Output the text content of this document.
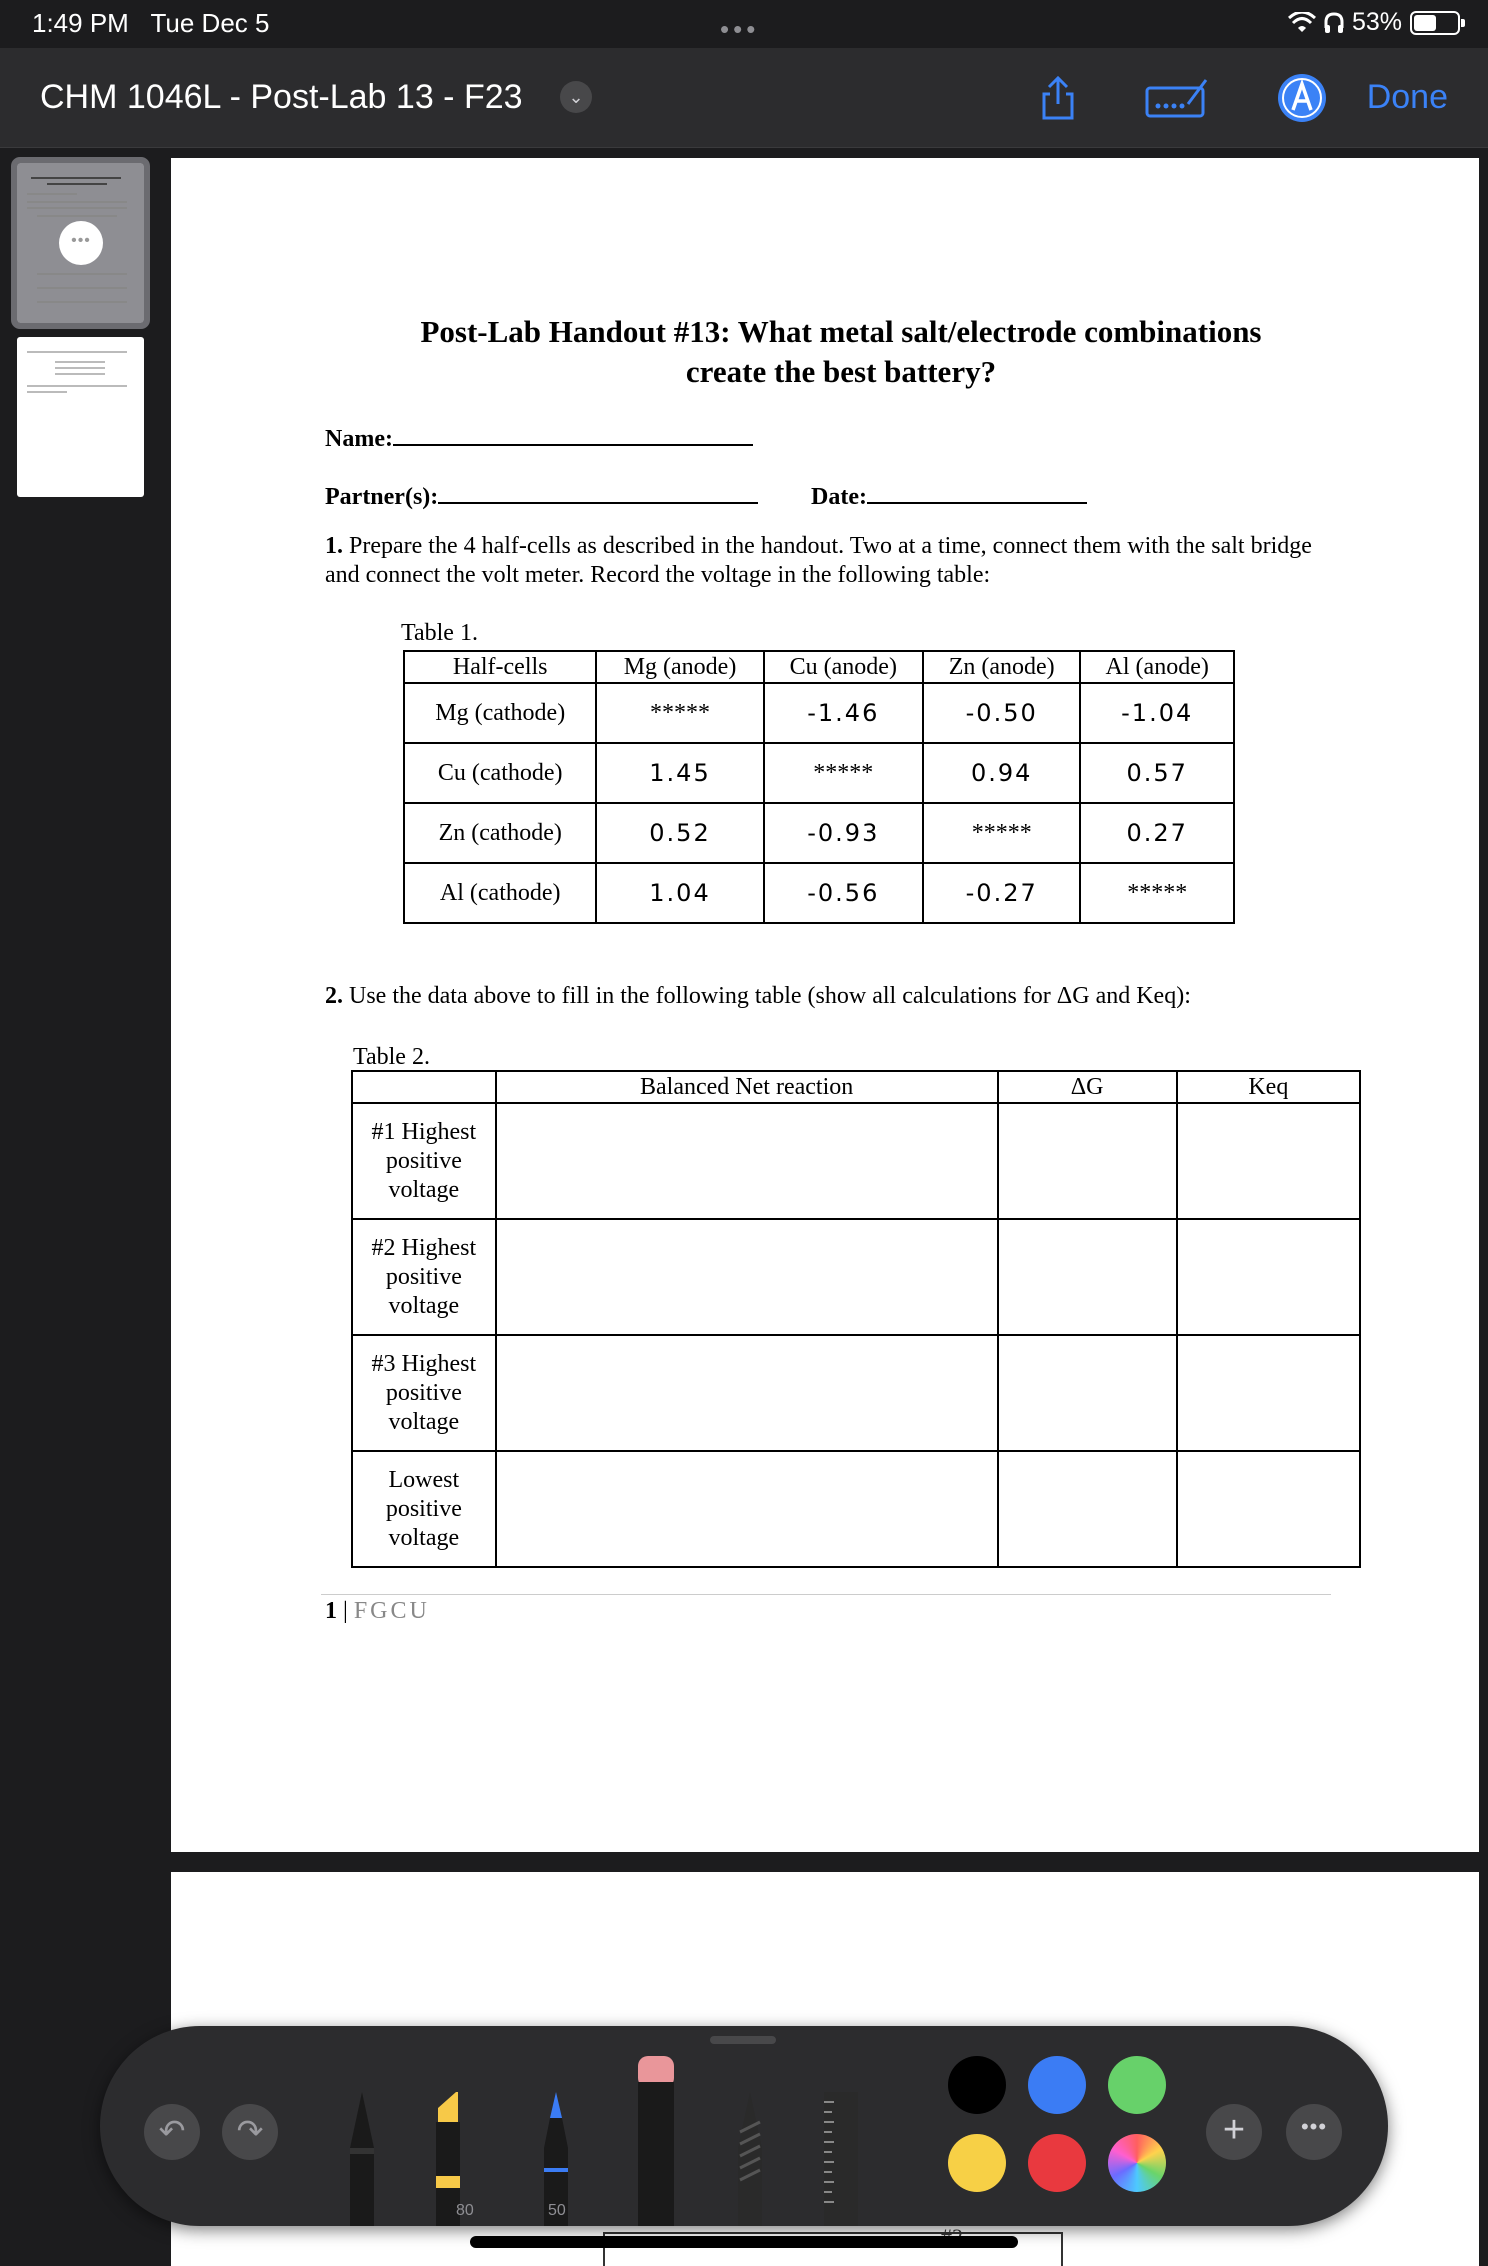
1:49 PM Tue Dec 5	•••	53%
CHM 1046L - Post-Lab 13 - F23	⌄	Done
•••
Post-Lab Handout #13: What metal salt/electrode combinations
create the best battery?
Name:
Partner(s):	Date:
1. Prepare the 4 half-cells as described in the handout. Two at a time, connect them with the salt bridge and connect the volt meter. Record the voltage in the following table:
Table 1.
Half-cells	Mg (anode)	Cu (anode)	Zn (anode)	Al (anode)
Mg (cathode)	*****	-1.46	-0.50	-1.04
Cu (cathode)	1.45	*****	0.94	0.57
Zn (cathode)	0.52	-0.93	*****	0.27
Al (cathode)	1.04	-0.56	-0.27	*****
2. Use the data above to fill in the following table (show all calculations for ΔG and Keq):
Table 2.
	Balanced Net reaction	ΔG	Keq
#1 Highest positive voltage			
#2 Highest positive voltage			
#3 Highest positive voltage			
Lowest positive voltage			
1 | FGCU
↶	↷
80	50
+	•••
